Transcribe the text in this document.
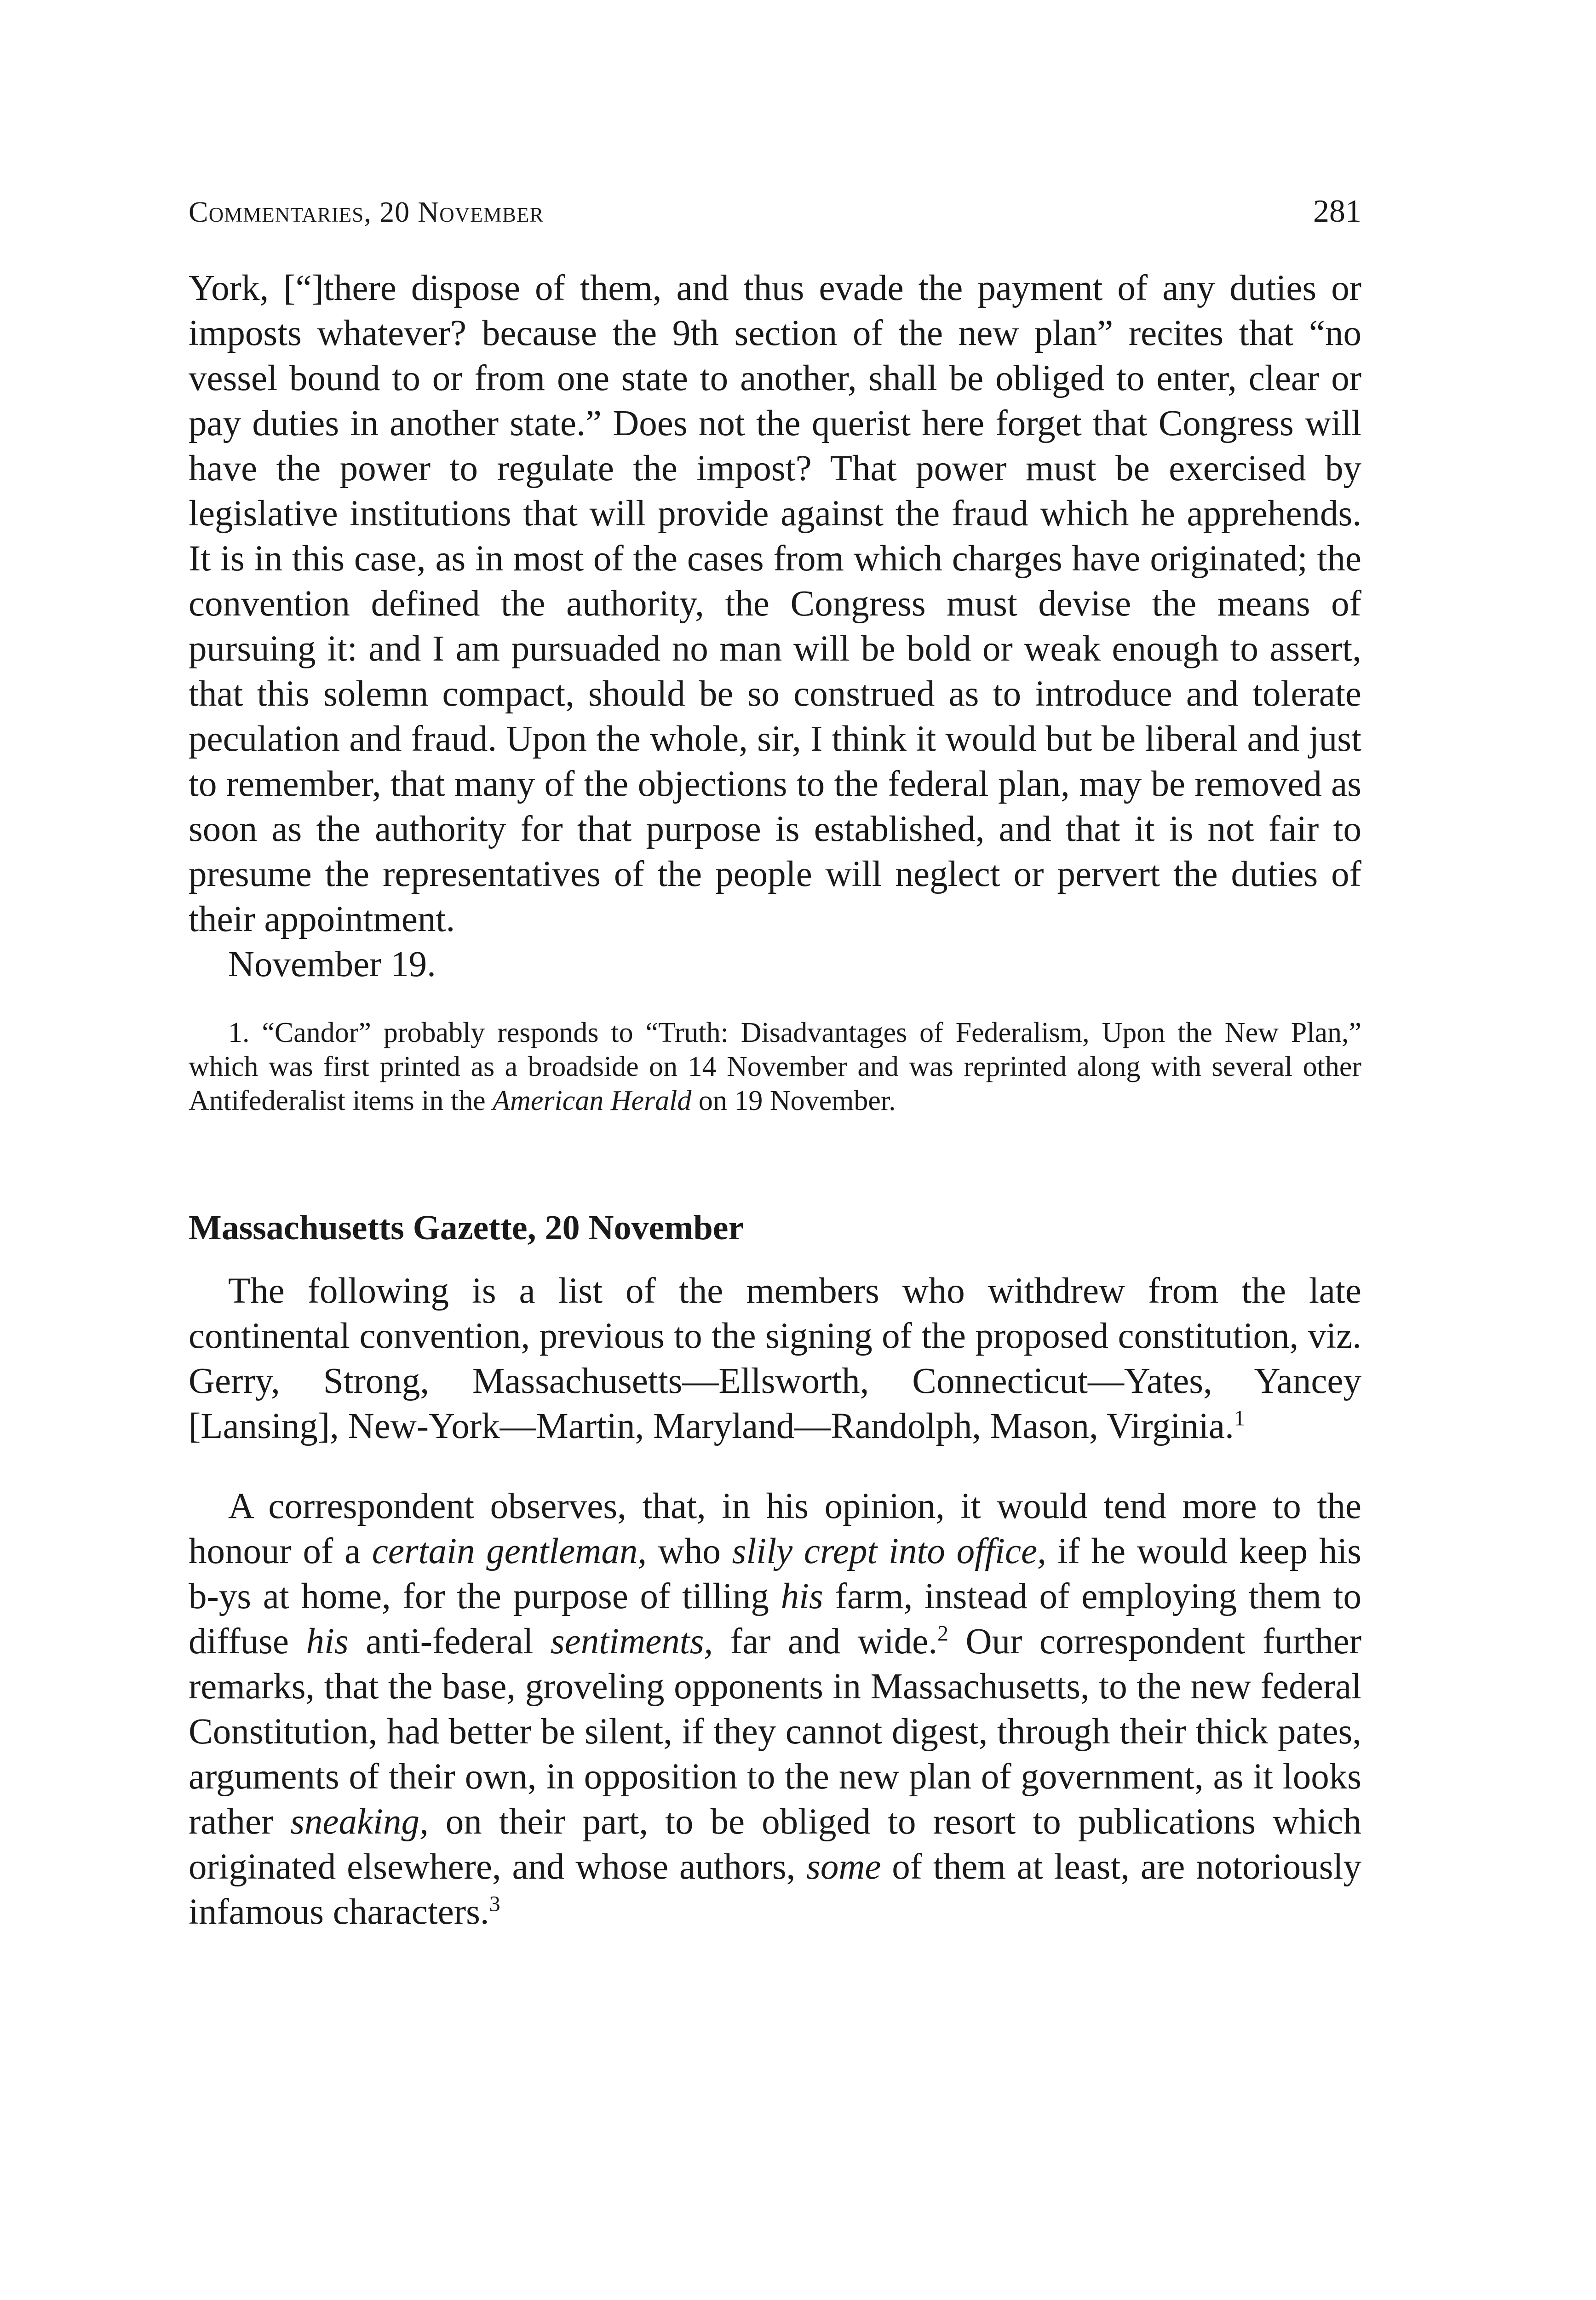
Commentaries, 20 November	281

York, [“]there dispose of them, and thus evade the payment of any duties or imposts whatever? because the 9th section of the new plan” recites that “no vessel bound to or from one state to another, shall be obliged to enter, clear or pay duties in another state.” Does not the querist here forget that Congress will have the power to regulate the impost? That power must be exercised by legislative institutions that will provide against the fraud which he apprehends. It is in this case, as in most of the cases from which charges have originated; the convention defined the authority, the Congress must devise the means of pursuing it: and I am pursuaded no man will be bold or weak enough to assert, that this solemn compact, should be so construed as to introduce and tolerate peculation and fraud. Upon the whole, sir, I think it would but be liberal and just to remember, that many of the objections to the federal plan, may be removed as soon as the authority for that purpose is established, and that it is not fair to presume the representatives of the people will neglect or pervert the duties of their appointment.

November 19.

1. “Candor” probably responds to “Truth: Disadvantages of Federalism, Upon the New Plan,” which was first printed as a broadside on 14 November and was reprinted along with several other Antifederalist items in the American Herald on 19 November.

Massachusetts Gazette, 20 November

The following is a list of the members who withdrew from the late continental convention, previous to the signing of the proposed constitution, viz. Gerry, Strong, Massachusetts—Ellsworth, Connecticut—Yates, Yancey [Lansing], New-York—Martin, Maryland—Randolph, Mason, Virginia.$^1$

A correspondent observes, that, in his opinion, it would tend more to the honour of a certain gentleman, who slily crept into office, if he would keep his b-ys at home, for the purpose of tilling his farm, instead of employing them to diffuse his anti-federal sentiments, far and wide.$^2$ Our correspondent further remarks, that the base, groveling opponents in Massachusetts, to the new federal Constitution, had better be silent, if they cannot digest, through their thick pates, arguments of their own, in opposition to the new plan of government, as it looks rather sneaking, on their part, to be obliged to resort to publications which originated elsewhere, and whose authors, some of them at least, are notoriously infamous characters.$^3$
